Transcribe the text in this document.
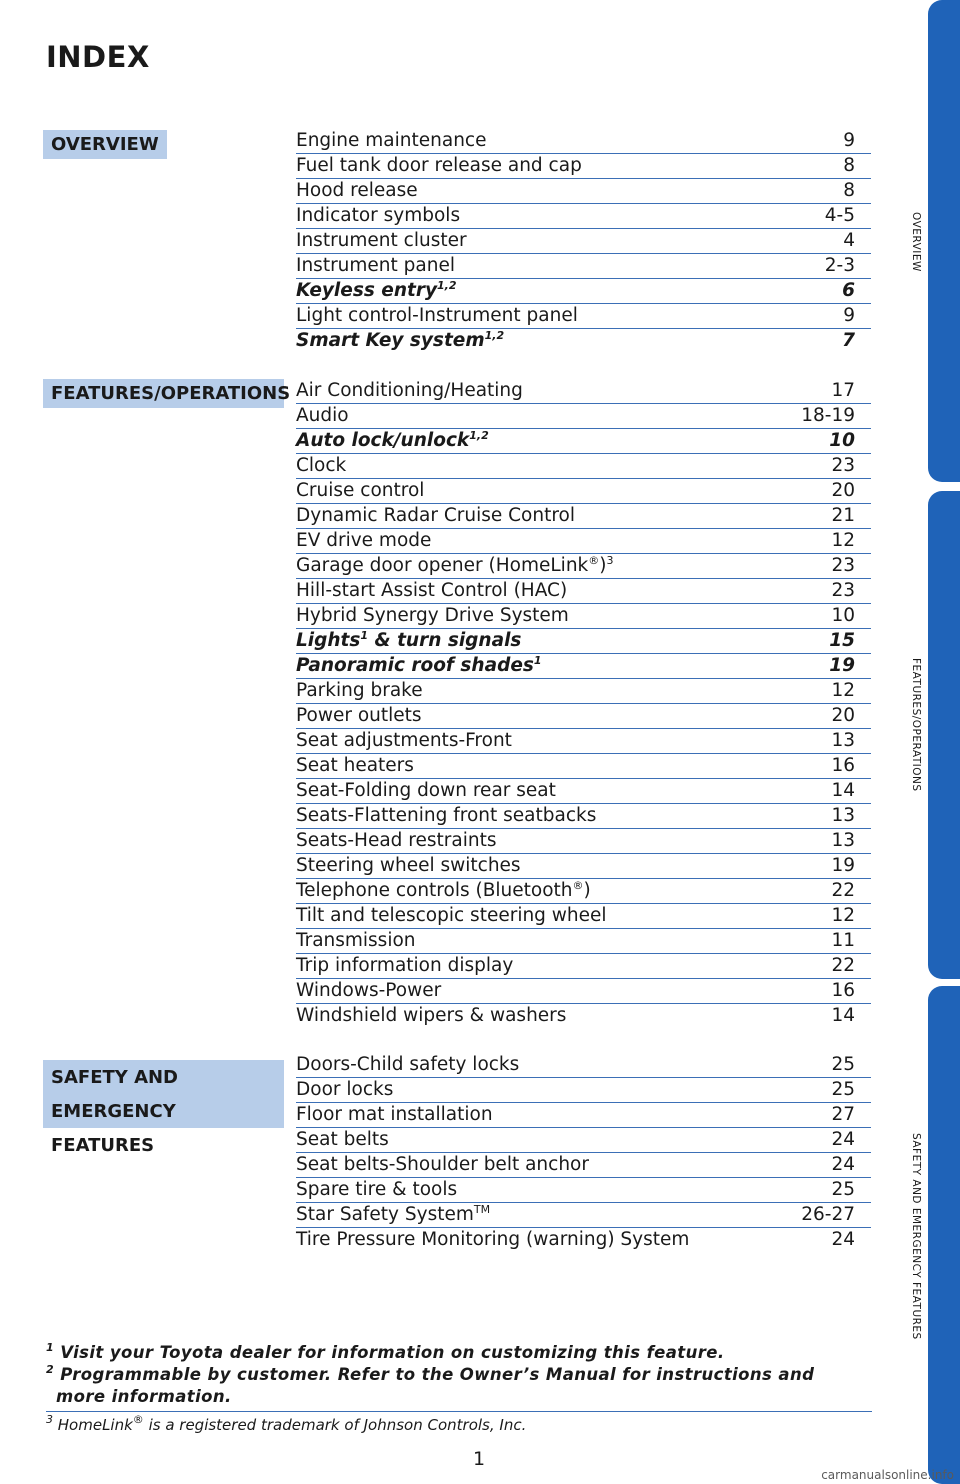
INDEX
OVERVIEW
FEATURES/OPERATIONS
SAFETY AND
EMERGENCY FEATURES
Engine maintenance	9
Fuel tank door release and cap	8
Hood release	8
Indicator symbols	4-5
Instrument cluster	4
Instrument panel	2-3
Keyless entry$^{1,2}$	6
Light control-Instrument panel	9
Smart Key system$^{1,2}$	7
Air Conditioning/Heating	17
Audio	18-19
Auto lock/unlock$^{1,2}$	10
Clock	23
Cruise control	20
Dynamic Radar Cruise Control	21
EV drive mode	12
Garage door opener (HomeLink®)$^3$	23
Hill-start Assist Control (HAC)	23
Hybrid Synergy Drive System	10
Lights$^1$ & turn signals	15
Panoramic roof shades$^1$	19
Parking brake	12
Power outlets	20
Seat adjustments-Front	13
Seat heaters	16
Seat-Folding down rear seat	14
Seats-Flattening front seatbacks	13
Seats-Head restraints	13
Steering wheel switches	19
Telephone controls (Bluetooth®)	22
Tilt and telescopic steering wheel	12
Transmission	11
Trip information display	22
Windows-Power	16
Windshield wipers & washers	14
Doors-Child safety locks	25
Door locks	25
Floor mat installation	27
Seat belts	24
Seat belts-Shoulder belt anchor	24
Spare tire & tools	25
Star Safety System™	26-27
Tire Pressure Monitoring (warning) System	24
OVERVIEW
FEATURES/OPERATIONS
SAFETY AND EMERGENCY FEATURES
$^1$ Visit your Toyota dealer for information on customizing this feature.
$^2$ Programmable by customer. Refer to the Owner’s Manual for instructions and
more information.
$^3$ HomeLink® is a registered trademark of Johnson Controls, Inc.
1
carmanualsonline.info
